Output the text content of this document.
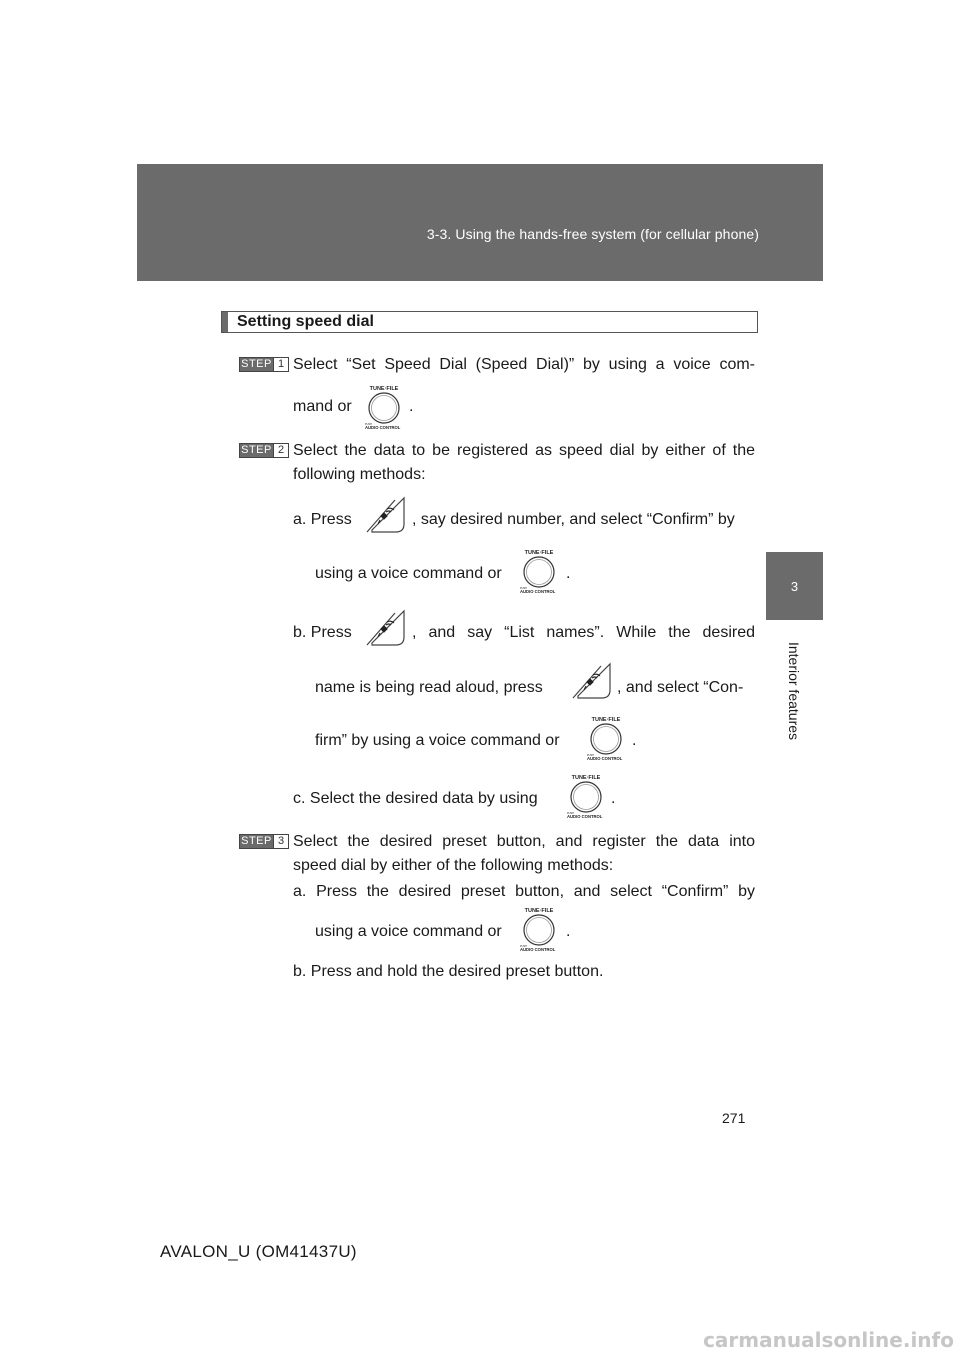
3-3. Using the hands-free system (for cellular phone)
3
Interior features
Setting speed dial
STEP 1 Select “Set Speed Dial (Speed Dial)” by using a voice com-
mand or	.
STEP 2 Select the data to be registered as speed dial by either of the
following methods:
a. Press	, say desired number, and select “Confirm” by
using a voice command or	.
b. Press	, and say “List names”. While the desired
name is being read aloud, press	, and select “Con-
firm” by using a voice command or	.
c. Select the desired data by using	.
STEP 3 Select the desired preset button, and register the data into
speed dial by either of the following methods:
a. Press the desired preset button, and select “Confirm” by
using a voice command or	.
b. Press and hold the desired preset button.
271
AVALON_U (OM41437U)
carmanualsonline.info
